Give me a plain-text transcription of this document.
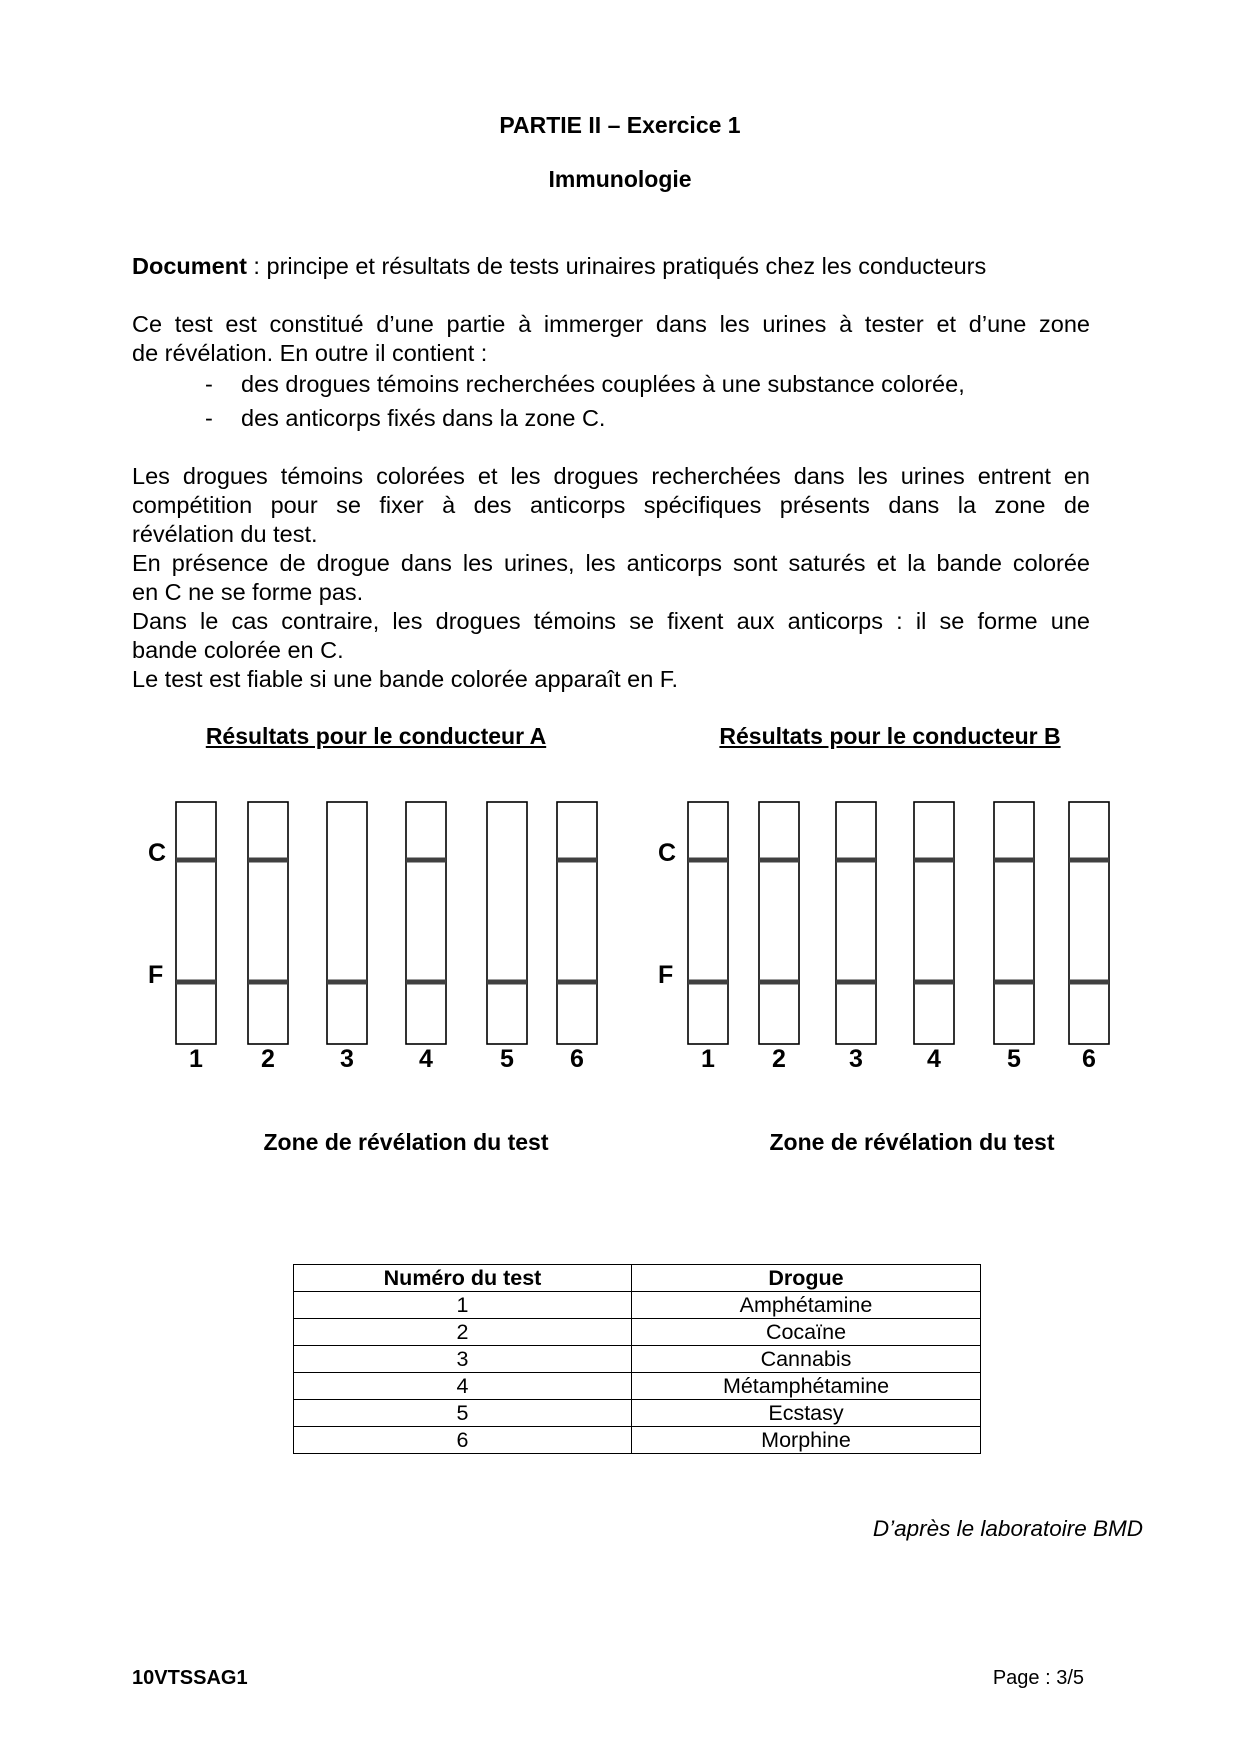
PARTIE II – Exercice 1
Immunologie
Document : principe et résultats de tests urinaires pratiqués chez les conducteurs
Ce test est constitué d’une partie à immerger dans les urines à tester et d’une zone
de révélation. En outre il contient :
- des drogues témoins recherchées couplées à une substance colorée,
- des anticorps fixés dans la zone C.
Les drogues témoins colorées et les drogues recherchées dans les urines entrent en
compétition pour se fixer à des anticorps spécifiques présents dans la zone de
révélation du test.
En présence de drogue dans les urines, les anticorps sont saturés et la bande colorée
en C ne se forme pas.
Dans le cas contraire, les drogues témoins se fixent aux anticorps : il se forme une
bande colorée en C.
Le test est fiable si une bande colorée apparaît en F.
Résultats pour le conducteur A	Résultats pour le conducteur B
1 2	3	4	5 6	1 2	3	4	5 6
C
F
C
F
Zone de révélation du test	Zone de révélation du test
Numéro du test	Drogue
1	Amphétamine
2	Cocaïne
3	Cannabis
4	Métamphétamine
5	Ecstasy
6	Morphine
D’après le laboratoire BMD
10VTSSAG1	Page : 3/5
